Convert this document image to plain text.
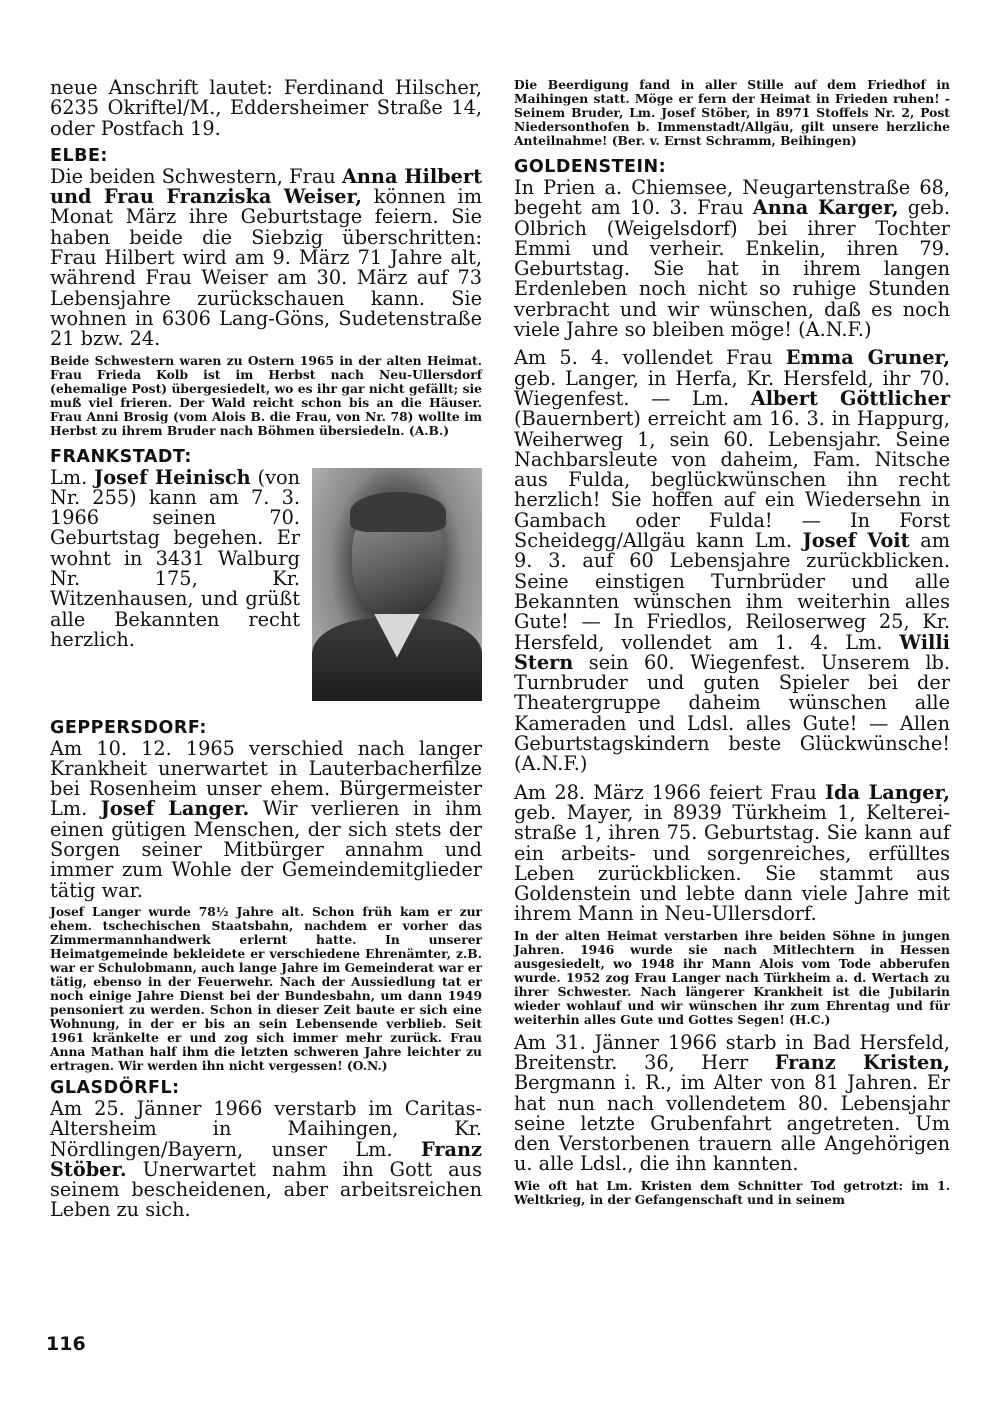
neue Anschrift lautet: Ferdinand Hilscher, 6235 Okriftel/M., Eddersheimer Straße 14, oder Postfach 19.

ELBE:

Die beiden Schwestern, Frau Anna Hilbert und Frau Franziska Weiser, können im Monat März ihre Geburtstage feiern. Sie haben beide die Siebzig überschritten: Frau Hilbert wird am 9. März 71 Jahre alt, während Frau Weiser am 30. März auf 73 Lebensjahre zurückschauen kann. Sie wohnen in 6306 Lang-Göns, Sudetenstraße 21 bzw. 24.

Beide Schwestern waren zu Ostern 1965 in der alten Heimat. Frau Frieda Kolb ist im Herbst nach Neu-Ullersdorf (ehemalige Post) übergesiedelt, wo es ihr gar nicht gefällt; sie muß viel frieren. Der Wald reicht schon bis an die Häuser. Frau Anni Brosig (vom Alois B. die Frau, von Nr. 78) wollte im Herbst zu ihrem Bruder nach Böhmen übersiedeln. (A.B.)

FRANKSTADT:

Lm. Josef Heinisch (von Nr. 255) kann am 7. 3. 1966 seinen 70. Geburtstag begehen. Er wohnt in 3431 Walburg Nr. 175, Kr. Witzenhausen, und grüßt alle Bekannten recht herzlich.

GEPPERSDORF:

Am 10. 12. 1965 verschied nach langer Krankheit unerwartet in Lauterbacherfilze bei Rosenheim unser ehem. Bürgermeister Lm. Josef Langer. Wir verlieren in ihm einen gütigen Menschen, der sich stets der Sorgen seiner Mitbürger annahm und immer zum Wohle der Gemeindemitglieder tätig war.

Josef Langer wurde 78½ Jahre alt. Schon früh kam er zur ehem. tschechischen Staatsbahn, nachdem er vorher das Zimmermannhandwerk erlernt hatte. In unserer Heimatgemeinde bekleidete er verschiedene Ehrenämter, z.B. war er Schulobmann, auch lange Jahre im Gemeinderat war er tätig, ebenso in der Feuerwehr. Nach der Aussiedlung tat er noch einige Jahre Dienst bei der Bundesbahn, um dann 1949 pensoniert zu werden. Schon in dieser Zeit baute er sich eine Wohnung, in der er bis an sein Lebensende verblieb. Seit 1961 kränkelte er und zog sich immer mehr zurück. Frau Anna Mathan half ihm die letzten schweren Jahre leichter zu ertragen. Wir werden ihn nicht vergessen! (O.N.)

GLASDÖRFL:

Am 25. Jänner 1966 verstarb im Caritas-Altersheim in Maihingen, Kr. Nördlingen/Bayern, unser Lm. Franz Stöber. Unerwartet nahm ihn Gott aus seinem bescheidenen, aber arbeitsreichen Leben zu sich.

Die Beerdigung fand in aller Stille auf dem Friedhof in Maihingen statt. Möge er fern der Heimat in Frieden ruhen! - Seinem Bruder, Lm. Josef Stöber, in 8971 Stoffels Nr. 2, Post Niedersonthofen b. Immenstadt/Allgäu, gilt unsere herzliche Anteilnahme! (Ber. v. Ernst Schramm, Beihingen)

GOLDENSTEIN:

In Prien a. Chiemsee, Neugartenstraße 68, begeht am 10. 3. Frau Anna Karger, geb. Olbrich (Weigelsdorf) bei ihrer Tochter Emmi und verheir. Enkelin, ihren 79. Geburtstag. Sie hat in ihrem langen Erdenleben noch nicht so ruhige Stunden verbracht und wir wünschen, daß es noch viele Jahre so bleiben möge! (A.N.F.)

Am 5. 4. vollendet Frau Emma Gruner, geb. Langer, in Herfa, Kr. Hersfeld, ihr 70. Wiegenfest. — Lm. Albert Göttlicher (Bauernbert) erreicht am 16. 3. in Happurg, Weiherweg 1, sein 60. Lebensjahr. Seine Nachbarsleute von daheim, Fam. Nitsche aus Fulda, beglückwünschen ihn recht herzlich! Sie hoffen auf ein Wiedersehn in Gambach oder Fulda! — In Forst Scheidegg/Allgäu kann Lm. Josef Voit am 9. 3. auf 60 Lebensjahre zurückblicken. Seine einstigen Turnbrüder und alle Bekannten wünschen ihm weiterhin alles Gute! — In Friedlos, Reiloserweg 25, Kr. Hersfeld, vollendet am 1. 4. Lm. Willi Stern sein 60. Wiegenfest. Unserem lb. Turnbruder und guten Spieler bei der Theatergruppe daheim wünschen alle Kameraden und Ldsl. alles Gute! — Allen Geburtstagskindern beste Glückwünsche! (A.N.F.)

Am 28. März 1966 feiert Frau Ida Langer, geb. Mayer, in 8939 Türkheim 1, Kelterei-straße 1, ihren 75. Geburtstag. Sie kann auf ein arbeits- und sorgenreiches, erfülltes Leben zurückblicken. Sie stammt aus Goldenstein und lebte dann viele Jahre mit ihrem Mann in Neu-Ullersdorf.

In der alten Heimat verstarben ihre beiden Söhne in jungen Jahren. 1946 wurde sie nach Mitlechtern in Hessen ausgesiedelt, wo 1948 ihr Mann Alois vom Tode abberufen wurde. 1952 zog Frau Langer nach Türkheim a. d. Wertach zu ihrer Schwester. Nach längerer Krankheit ist die Jubilarin wieder wohlauf und wir wünschen ihr zum Ehrentag und für weiterhin alles Gute und Gottes Segen! (H.C.)

Am 31. Jänner 1966 starb in Bad Hersfeld, Breitenstr. 36, Herr Franz Kristen, Bergmann i. R., im Alter von 81 Jahren. Er hat nun nach vollendetem 80. Lebensjahr seine letzte Grubenfahrt angetreten. Um den Verstorbenen trauern alle Angehörigen u. alle Ldsl., die ihn kannten.

Wie oft hat Lm. Kristen dem Schnitter Tod getrotzt: im 1. Weltkrieg, in der Gefangenschaft und in seinem

116
